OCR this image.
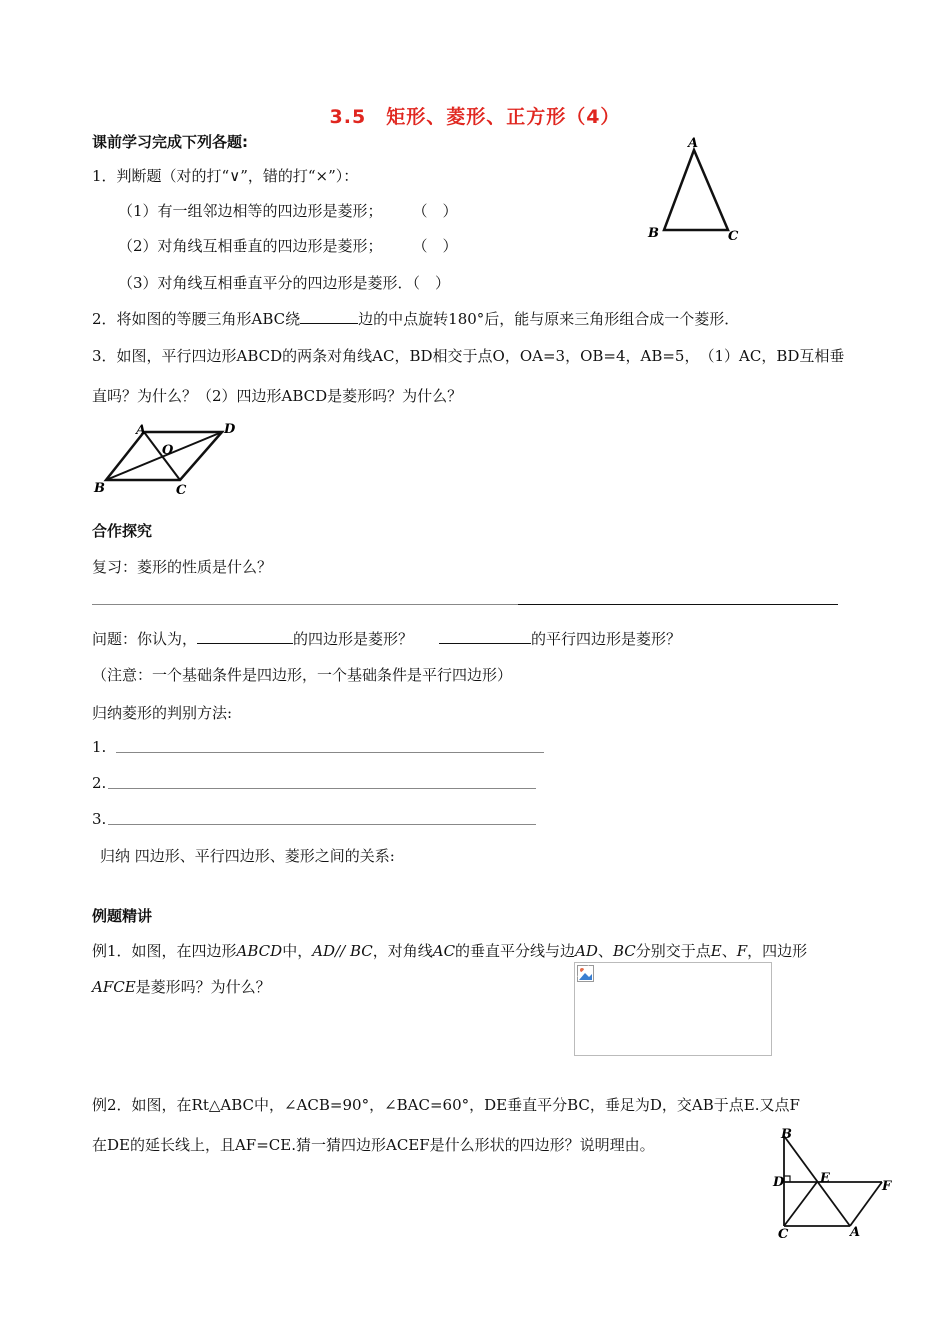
3.5　矩形、菱形、正方形（4）
课前学习完成下列各题:
1．判断题（对的打“∨”，错的打“×”）：
（1）有一组邻边相等的四边形是菱形；　　　（　）
（2）对角线互相垂直的四边形是菱形；　　　（　）
（3）对角线互相垂直平分的四边形是菱形．（　）
2．将如图的等腰三角形ABC绕	边的中点旋转180°后，能与原来三角形组合成一个菱形．
3．如图，平行四边形ABCD的两条对角线AC，BD相交于点O，OA=3，OB=4，AB=5，　（1）AC，BD互相垂
直吗？为什么？（2）四边形ABCD是菱形吗？为什么？
A
B	C
A	D
O
B	C
合作探究
复习：菱形的性质是什么？
问题：你认为，	的四边形是菱形？	的平行四边形是菱形？
（注意：一个基础条件是四边形，一个基础条件是平行四边形）
归纳菱形的判别方法:
1.
2.
3.
归纳 四边形、平行四边形、菱形之间的关系:
例题精讲
例1．如图，在四边形ABCD中，AD// BC，对角线AC的垂直平分线与边AD、BC分别交于点E、F，四边形
AFCE是菱形吗？为什么？
例2．如图，在Rt△ABC中，∠ACB=90°，∠BAC=60°，DE垂直平分BC，垂足为D，交AB于点E.又点F
在DE的延长线上，且AF=CE.猜一猜四边形ACEF是什么形状的四边形？说明理由。
B
D	E
F
C	A
